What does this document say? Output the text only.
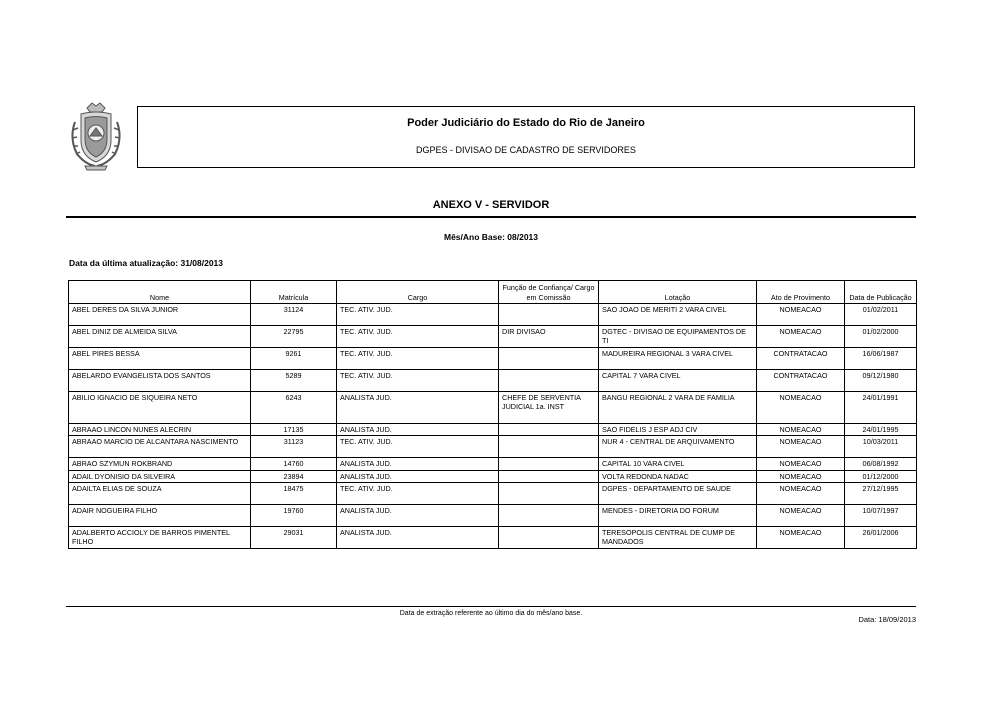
Poder Judiciário do Estado do Rio de Janeiro
DGPES - DIVISAO DE CADASTRO DE SERVIDORES
ANEXO V - SERVIDOR
Mês/Ano Base: 08/2013
Data da última atualização: 31/08/2013
Nome	Matrícula	Cargo	Função de Confiança/ Cargo em Comissão	Lotação	Ato de Provimento	Data de Publicação
ABEL DERES DA SILVA JUNIOR	31124	TEC. ATIV. JUD.		SAO JOAO DE MERITI 2 VARA CIVEL	NOMEACAO	01/02/2011
ABEL DINIZ DE ALMEIDA SILVA	22795	TEC. ATIV. JUD.	DIR DIVISAO	DGTEC - DIVISAO DE EQUIPAMENTOS DE TI	NOMEACAO	01/02/2000
ABEL PIRES BESSA	9261	TEC. ATIV. JUD.		MADUREIRA REGIONAL 3 VARA CIVEL	CONTRATACAO	16/06/1987
ABELARDO EVANGELISTA DOS SANTOS	5289	TEC. ATIV. JUD.		CAPITAL 7 VARA CIVEL	CONTRATACAO	09/12/1980
ABILIO IGNACIO DE SIQUEIRA NETO	6243	ANALISTA JUD.	CHEFE DE SERVENTIA JUDICIAL 1a. INST	BANGU REGIONAL 2 VARA DE FAMILIA	NOMEACAO	24/01/1991
ABRAAO LINCON NUNES ALECRIN	17135	ANALISTA JUD.		SAO FIDELIS J ESP ADJ CIV	NOMEACAO	24/01/1995
ABRAAO MARCIO DE ALCANTARA NASCIMENTO	31123	TEC. ATIV. JUD.		NUR 4 - CENTRAL DE ARQUIVAMENTO	NOMEACAO	10/03/2011
ABRAO SZYMUN ROKBRAND	14760	ANALISTA JUD.		CAPITAL 10 VARA CIVEL	NOMEACAO	06/08/1992
ADAIL DYONISIO DA SILVEIRA	23894	ANALISTA JUD.		VOLTA REDONDA NADAC	NOMEACAO	01/12/2000
ADAILTA ELIAS DE SOUZA	18475	TEC. ATIV. JUD.		DGPES - DEPARTAMENTO DE SAUDE	NOMEACAO	27/12/1995
ADAIR NOGUEIRA FILHO	19760	ANALISTA JUD.		MENDES - DIRETORIA DO FORUM	NOMEACAO	10/07/1997
ADALBERTO ACCIOLY DE BARROS PIMENTEL FILHO	29031	ANALISTA JUD.		TERESOPOLIS CENTRAL DE CUMP DE MANDADOS	NOMEACAO	26/01/2006
Data de extração referente ao último dia do mês/ano base.
Data: 18/09/2013
